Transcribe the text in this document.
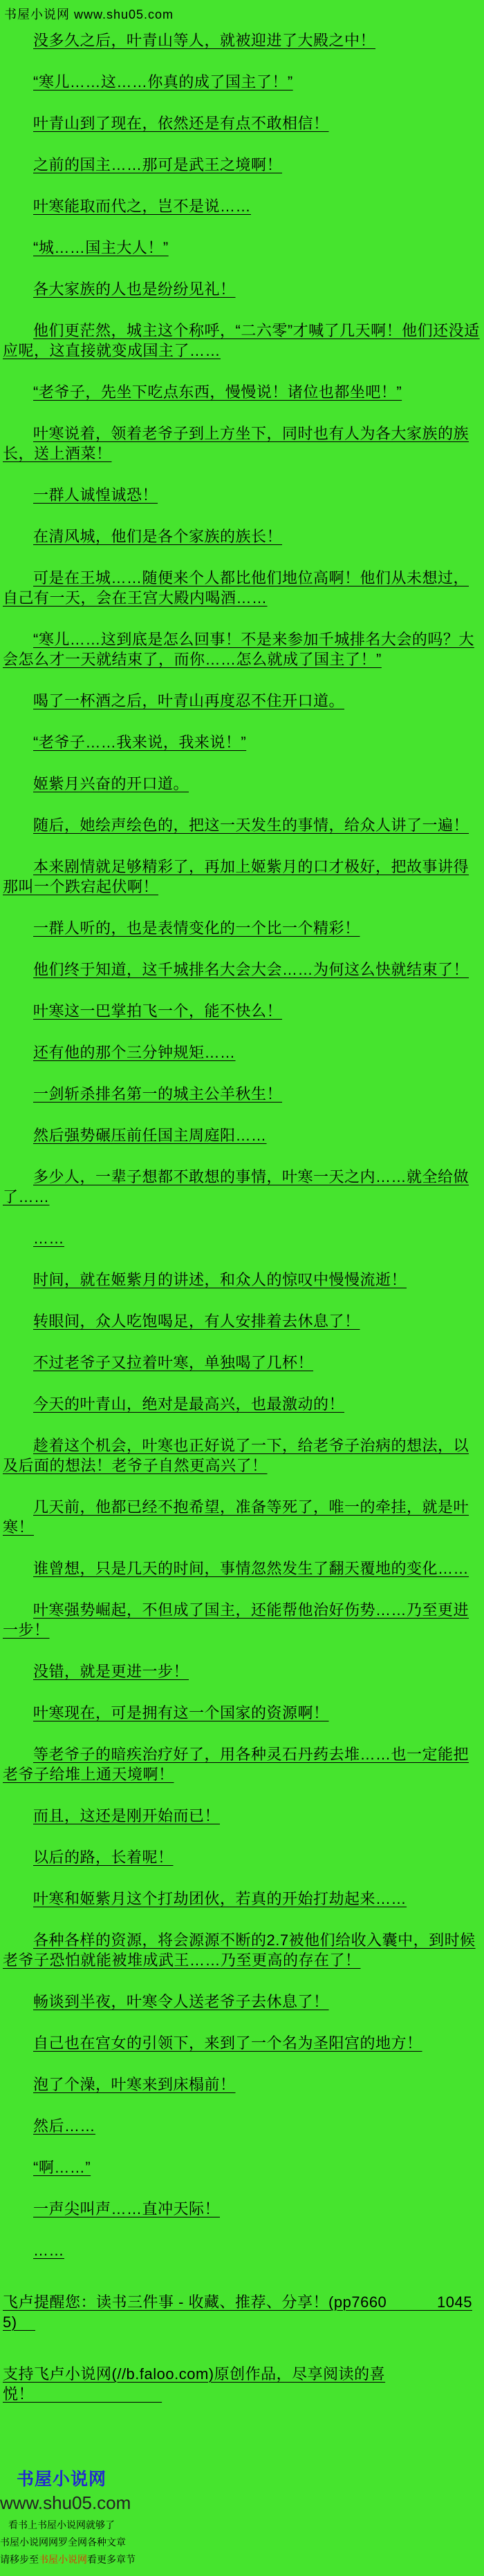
书屋小说网 www.shu05.com

没多久之后，叶青山等人，就被迎进了大殿之中！

“寒儿……这……你真的成了国主了！”

叶青山到了现在，依然还是有点不敢相信！

之前的国主……那可是武王之境啊！

叶寒能取而代之，岂不是说……

“城……国主大人！”

各大家族的人也是纷纷见礼！

他们更茫然，城主这个称呼，“二六零”才喊了几天啊！他们还没适应呢，这直接就变成国主了……

“老爷子，先坐下吃点东西，慢慢说！诸位也都坐吧！”

叶寒说着，领着老爷子到上方坐下，同时也有人为各大家族的族长，送上酒菜！

一群人诚惶诚恐！

在清风城，他们是各个家族的族长！

可是在王城……随便来个人都比他们地位高啊！他们从未想过，自己有一天，会在王宫大殿内喝酒……

“寒儿……这到底是怎么回事！不是来参加千城排名大会的吗？大会怎么才一天就结束了，而你……怎么就成了国主了！”

喝了一杯酒之后，叶青山再度忍不住开口道。

“老爷子……我来说，我来说！”

姬紫月兴奋的开口道。

随后，她绘声绘色的，把这一天发生的事情，给众人讲了一遍！

本来剧情就足够精彩了，再加上姬紫月的口才极好，把故事讲得那叫一个跌宕起伏啊！

一群人听的，也是表情变化的一个比一个精彩！

他们终于知道，这千城排名大会大会……为何这么快就结束了！

叶寒这一巴掌拍飞一个，能不快么！

还有他的那个三分钟规矩……

一剑斩杀排名第一的城主公羊秋生！

然后强势碾压前任国主周庭阳……

多少人，一辈子想都不敢想的事情，叶寒一天之内……就全给做了……

……

时间，就在姬紫月的讲述，和众人的惊叹中慢慢流逝！

转眼间，众人吃饱喝足，有人安排着去休息了！

不过老爷子又拉着叶寒，单独喝了几杯！

今天的叶青山，绝对是最高兴，也最激动的！

趁着这个机会，叶寒也正好说了一下，给老爷子治病的想法，以及后面的想法！老爷子自然更高兴了！

几天前，他都已经不抱希望，准备等死了，唯一的牵挂，就是叶寒！

谁曾想，只是几天的时间，事情忽然发生了翻天覆地的变化……

叶寒强势崛起，不但成了国主，还能帮他治好伤势……乃至更进一步！

没错，就是更进一步！

叶寒现在，可是拥有这一个国家的资源啊！

等老爷子的暗疾治疗好了，用各种灵石丹药去堆……也一定能把老爷子给堆上通天境啊！

而且，这还是刚开始而已！

以后的路，长着呢！

叶寒和姬紫月这个打劫团伙，若真的开始打劫起来……

各种各样的资源，将会源源不断的2.7被他们给收入囊中，到时候老爷子恐怕就能被堆成武王……乃至更高的存在了！

畅谈到半夜，叶寒令人送老爷子去休息了！

自己也在宫女的引领下，来到了一个名为圣阳宫的地方！

泡了个澡，叶寒来到床榻前！

然后……

“啊……”

一声尖叫声……直冲天际！

……

飞卢提醒您：读书三件事 - 收藏、推荐、分享！(pp7660           10455)

支持飞卢小说网(//b.faloo.com)原创作品，尽享阅读的喜悦！

书屋小说网
www.shu05.com
看书上书屋小说网就够了
书屋小说网网罗全网各种文章
请移步至书屋小说网看更多章节
